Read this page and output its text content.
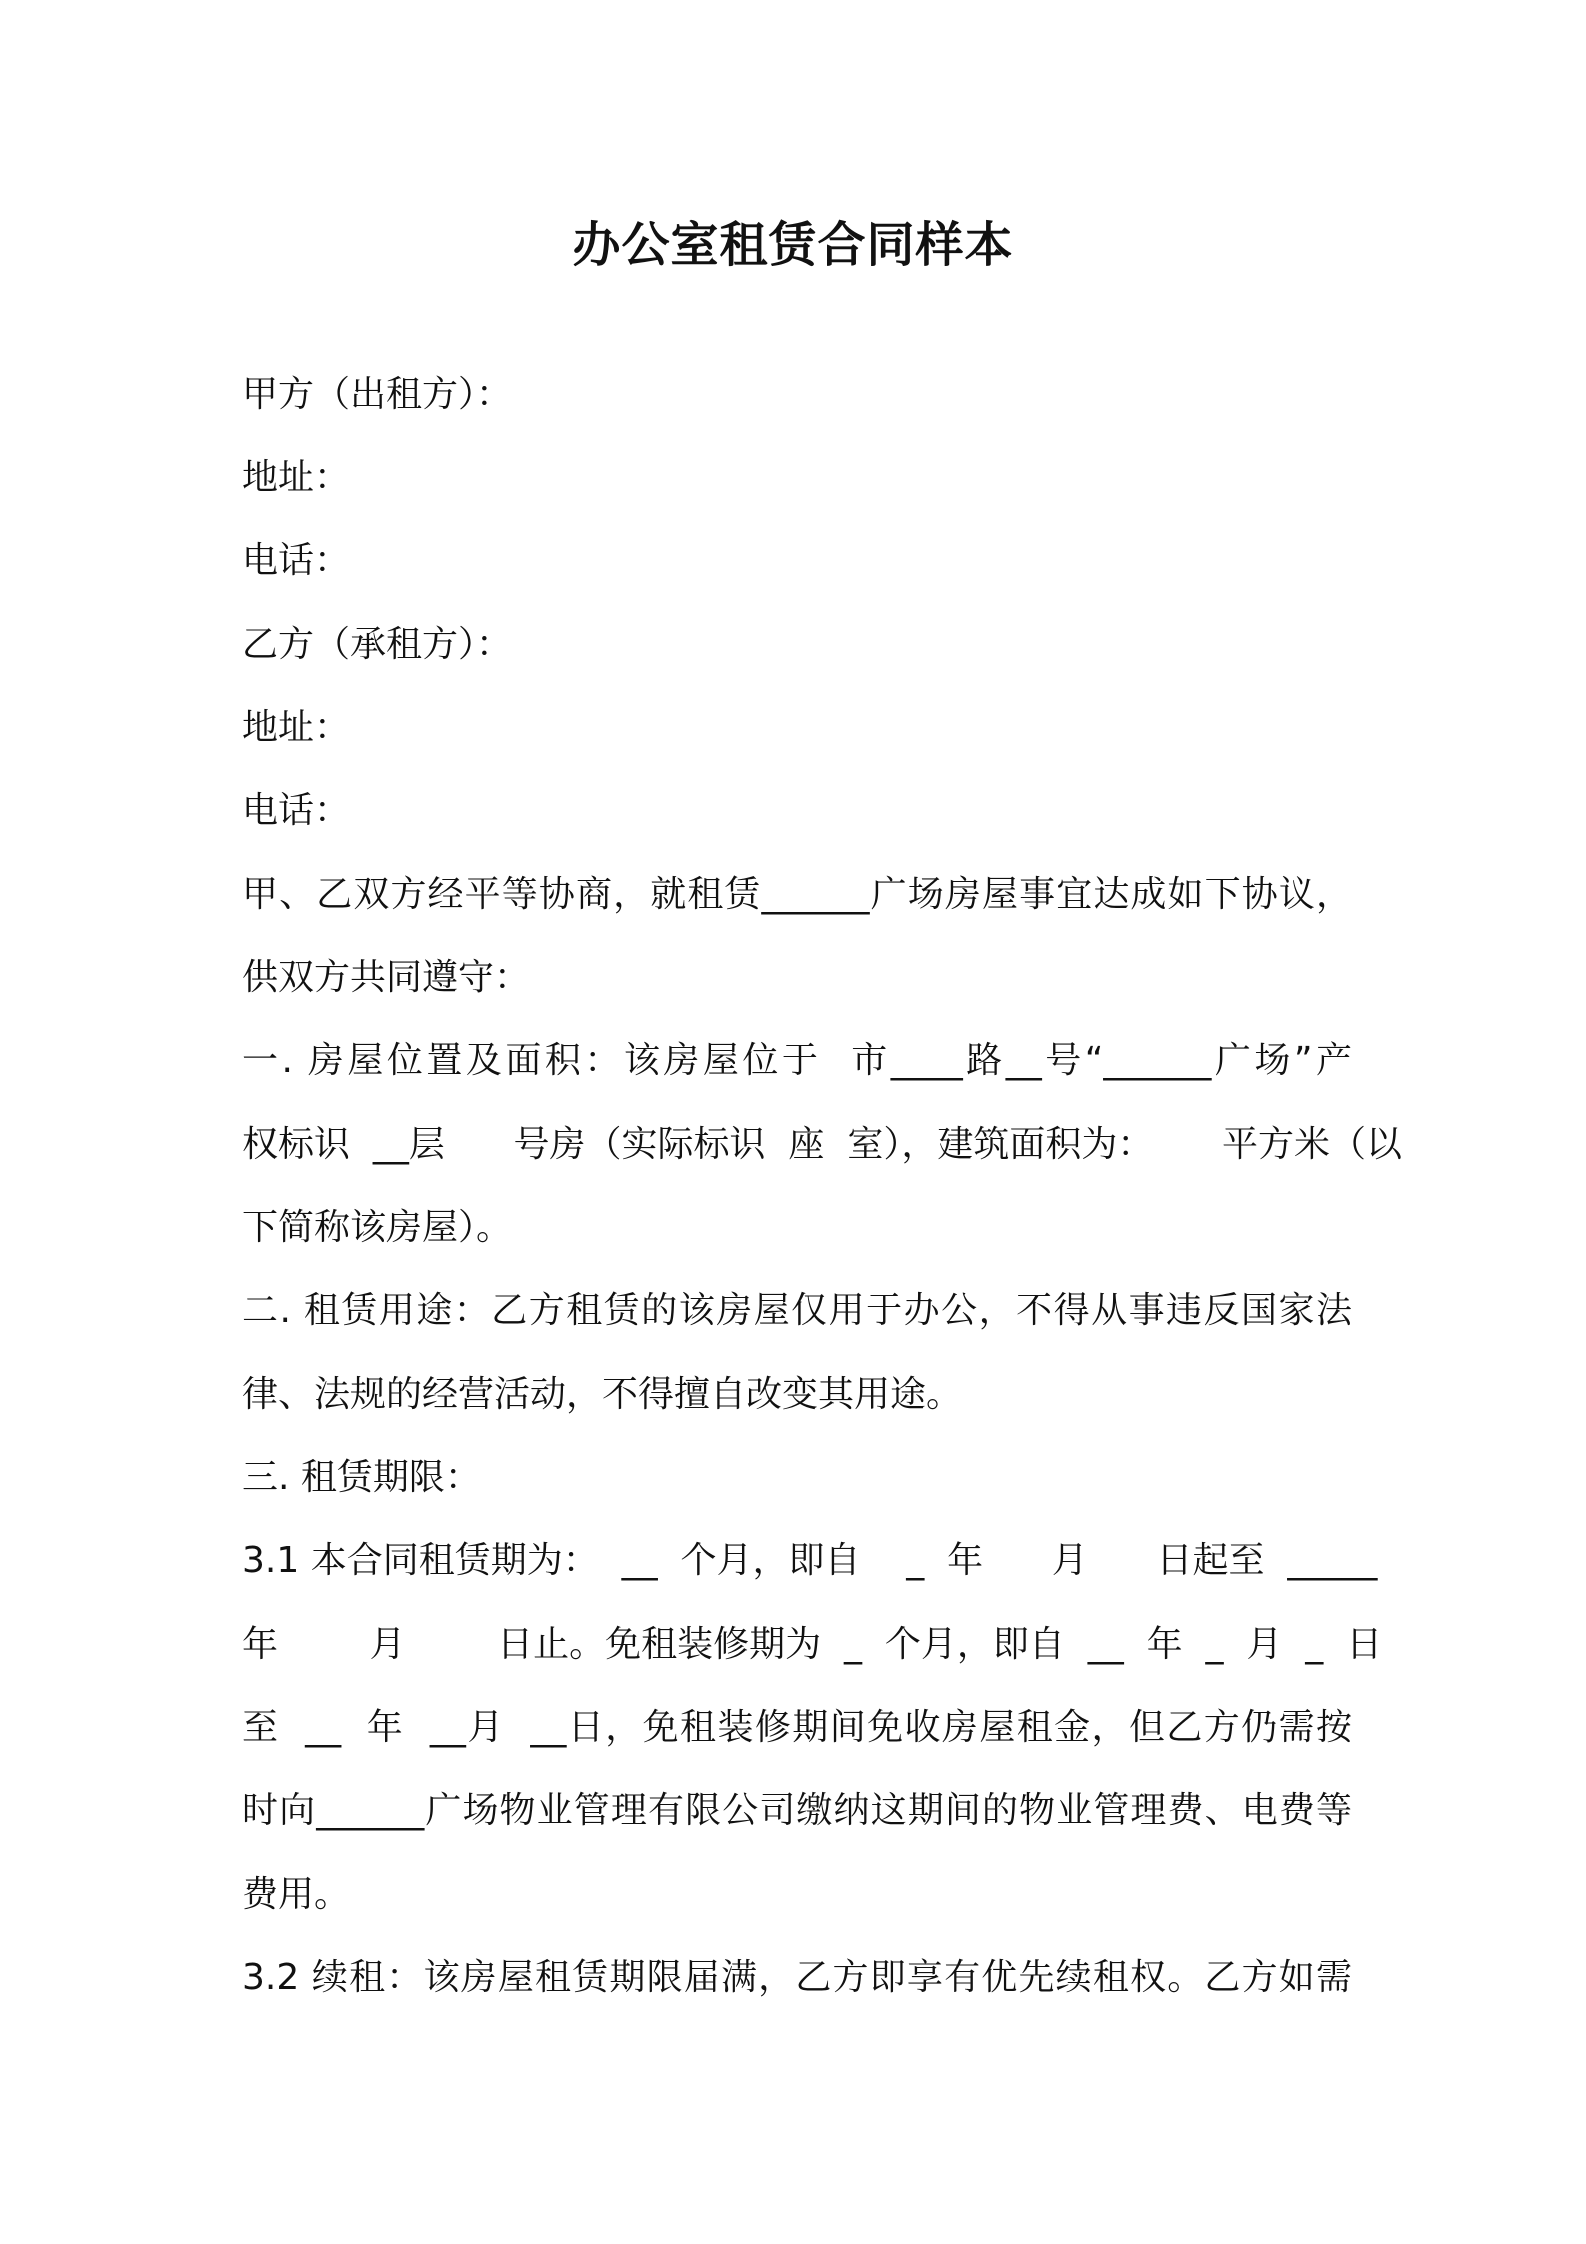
办公室租赁合同样本

甲方（出租方）：

地址：

电话：

乙方（承租方）：

地址：

电话：

甲、乙双方经平等协商，就租赁______广场房屋事宜达成如下协议，

供双方共同遵守：

一. 房屋位置及面积：该房屋位于  市____路__号“______广场”产

权标识  __层      号房（实际标识  座  室），建筑面积为：      平方米（以

下简称该房屋）。

二. 租赁用途：乙方租赁的该房屋仅用于办公，不得从事违反国家法

律、法规的经营活动，不得擅自改变其用途。

三. 租赁期限：

3.1 本合同租赁期为：  __  个月，即自    _  年      月      日起至  _____

年        月        日止。免租装修期为  _  个月，即自  __  年  _  月  _  日

至  __  年  __月  __日，免租装修期间免收房屋租金，但乙方仍需按

时向______广场物业管理有限公司缴纳这期间的物业管理费、电费等

费用。

3.2 续租：该房屋租赁期限届满，乙方即享有优先续租权。乙方如需
